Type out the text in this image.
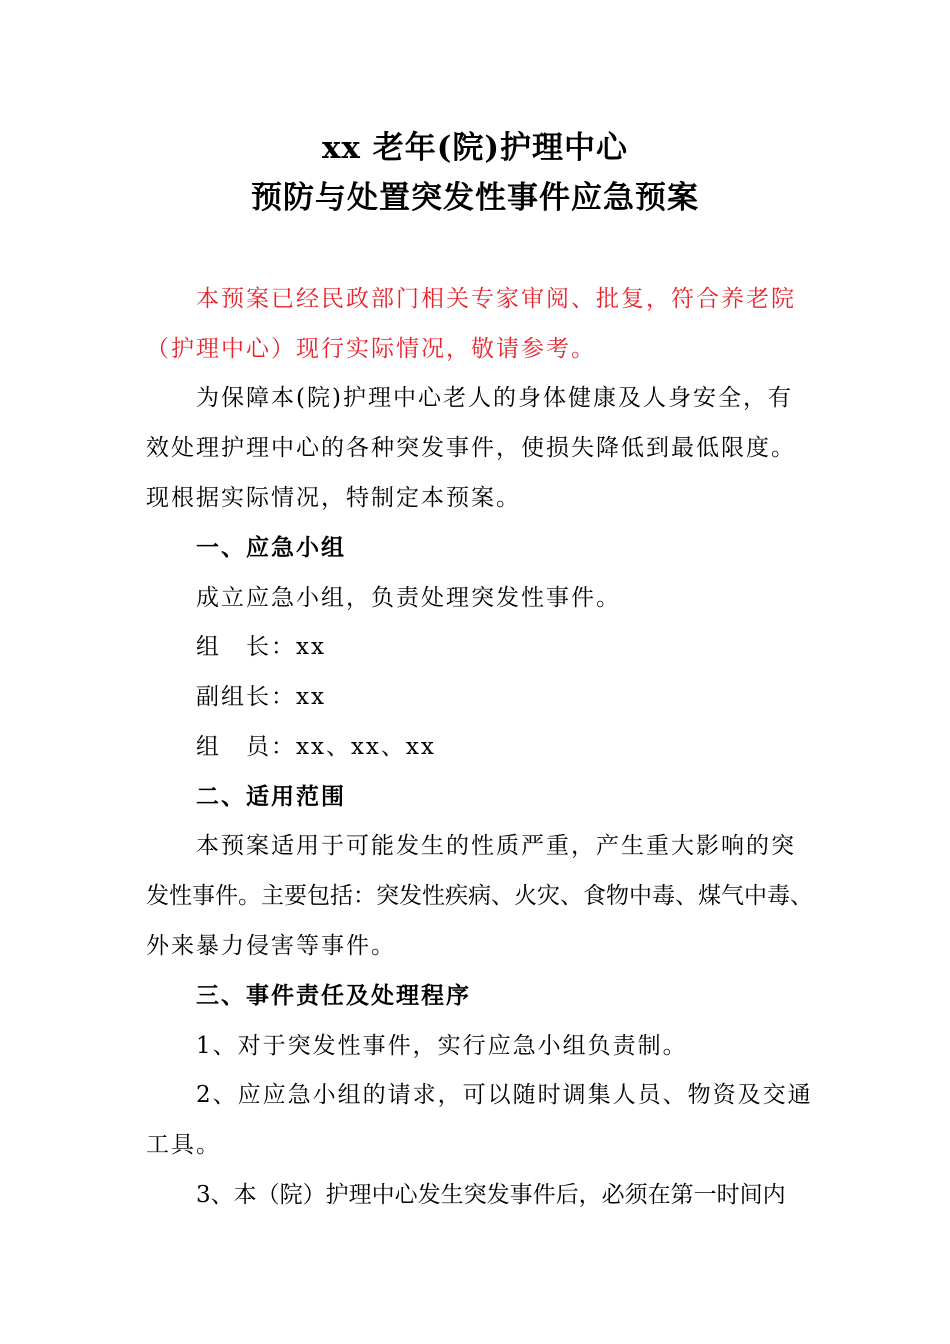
xx 老年(院)护理中心
预防与处置突发性事件应急预案
本预案已经民政部门相关专家审阅、批复，符合养老院
（护理中心）现行实际情况，敬请参考。
为保障本(院)护理中心老人的身体健康及人身安全，有
效处理护理中心的各种突发事件，使损失降低到最低限度。
现根据实际情况，特制定本预案。
一、应急小组
成立应急小组，负责处理突发性事件。
组　长：xx
副组长：xx
组　员：xx、xx、xx
二、适用范围
本预案适用于可能发生的性质严重，产生重大影响的突
发性事件。主要包括：突发性疾病、火灾、食物中毒、煤气中毒、
外来暴力侵害等事件。
三、事件责任及处理程序
1、对于突发性事件，实行应急小组负责制。
2、应应急小组的请求，可以随时调集人员、物资及交通
工具。
3、本（院）护理中心发生突发事件后，必须在第一时间内
